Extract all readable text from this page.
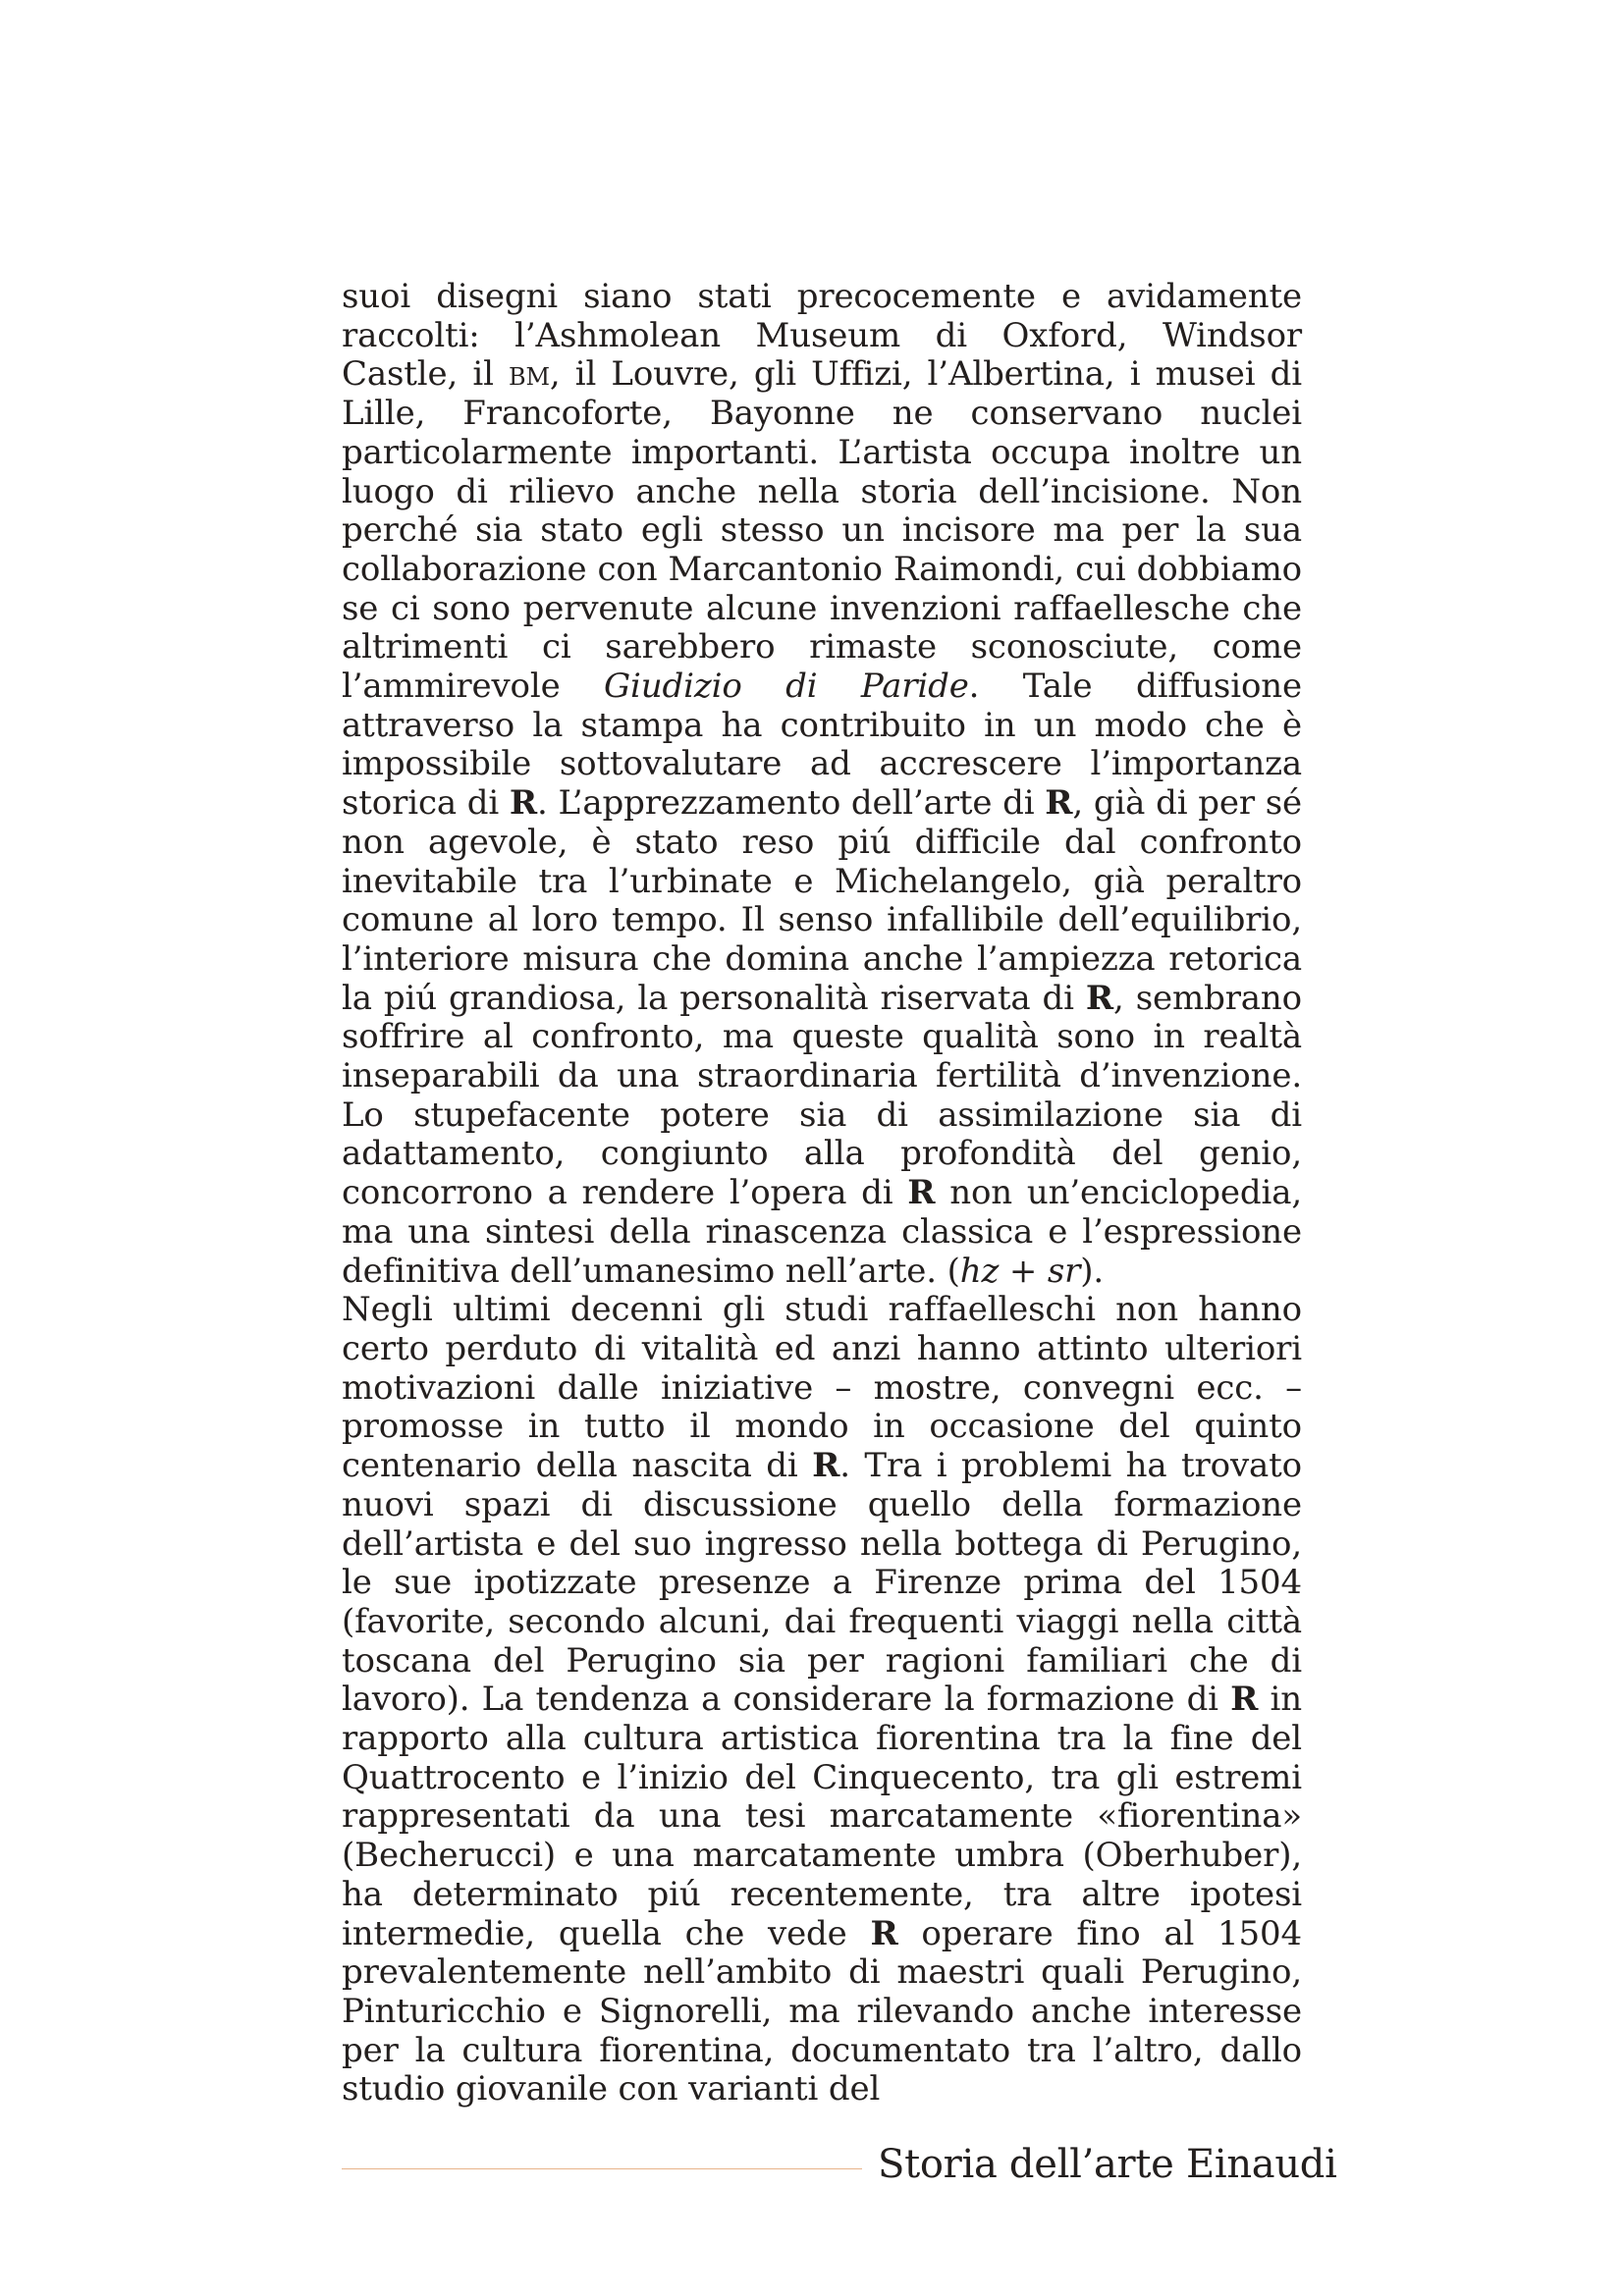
suoi disegni siano stati precocemente e avidamente raccolti: l’Ashmolean Museum di Oxford, Windsor Castle, il bm, il Louvre, gli Uffizi, l’Albertina, i musei di Lille, Francoforte, Bayonne ne conservano nuclei particolarmente importanti. L’artista occupa inoltre un luogo di rilievo anche nella storia dell’incisione. Non perché sia stato egli stesso un incisore ma per la sua collaborazione con Marcantonio Raimondi, cui dobbiamo se ci sono pervenute alcune invenzioni raffaellesche che altrimenti ci sarebbero rimaste sconosciute, come l’ammirevole Giudizio di Paride. Tale diffusione attraverso la stampa ha contribuito in un modo che è impossibile sottovalutare ad accrescere l’importanza storica di R. L’apprezzamento dell’arte di R, già di per sé non agevole, è stato reso piú difficile dal confronto inevitabile tra l’urbinate e Michelangelo, già peraltro comune al loro tempo. Il senso infallibile dell’equilibrio, l’interiore misura che domina anche l’ampiezza retorica la piú grandiosa, la personalità riservata di R, sembrano soffrire al confronto, ma queste qualità sono in realtà inseparabili da una straordinaria fertilità d’invenzione. Lo stupefacente potere sia di assimilazione sia di adattamento, congiunto alla profondità del genio, concorrono a rendere l’opera di R non un’enciclopedia, ma una sintesi della rinascenza classica e l’espressione definitiva dell’umanesimo nell’arte. (hz + sr).

Negli ultimi decenni gli studi raffaelleschi non hanno certo perduto di vitalità ed anzi hanno attinto ulteriori motivazioni dalle iniziative – mostre, convegni ecc. – promosse in tutto il mondo in occasione del quinto centenario della nascita di R. Tra i problemi ha trovato nuovi spazi di discussione quello della formazione dell’artista e del suo ingresso nella bottega di Perugino, le sue ipotizzate presenze a Firenze prima del 1504 (favorite, secondo alcuni, dai frequenti viaggi nella città toscana del Perugino sia per ragioni familiari che di lavoro). La tendenza a considerare la formazione di R in rapporto alla cultura artistica fiorentina tra la fine del Quattrocento e l’inizio del Cinquecento, tra gli estremi rappresentati da una tesi marcatamente «fiorentina» (Becherucci) e una marcatamente umbra (Oberhuber), ha determinato piú recentemente, tra altre ipotesi intermedie, quella che vede R operare fino al 1504 prevalentemente nell’ambito di maestri quali Perugino, Pinturicchio e Signorelli, ma rilevando anche interesse per la cultura fiorentina, documentato tra l’altro, dallo studio giovanile con varianti del

Storia dell’arte Einaudi
